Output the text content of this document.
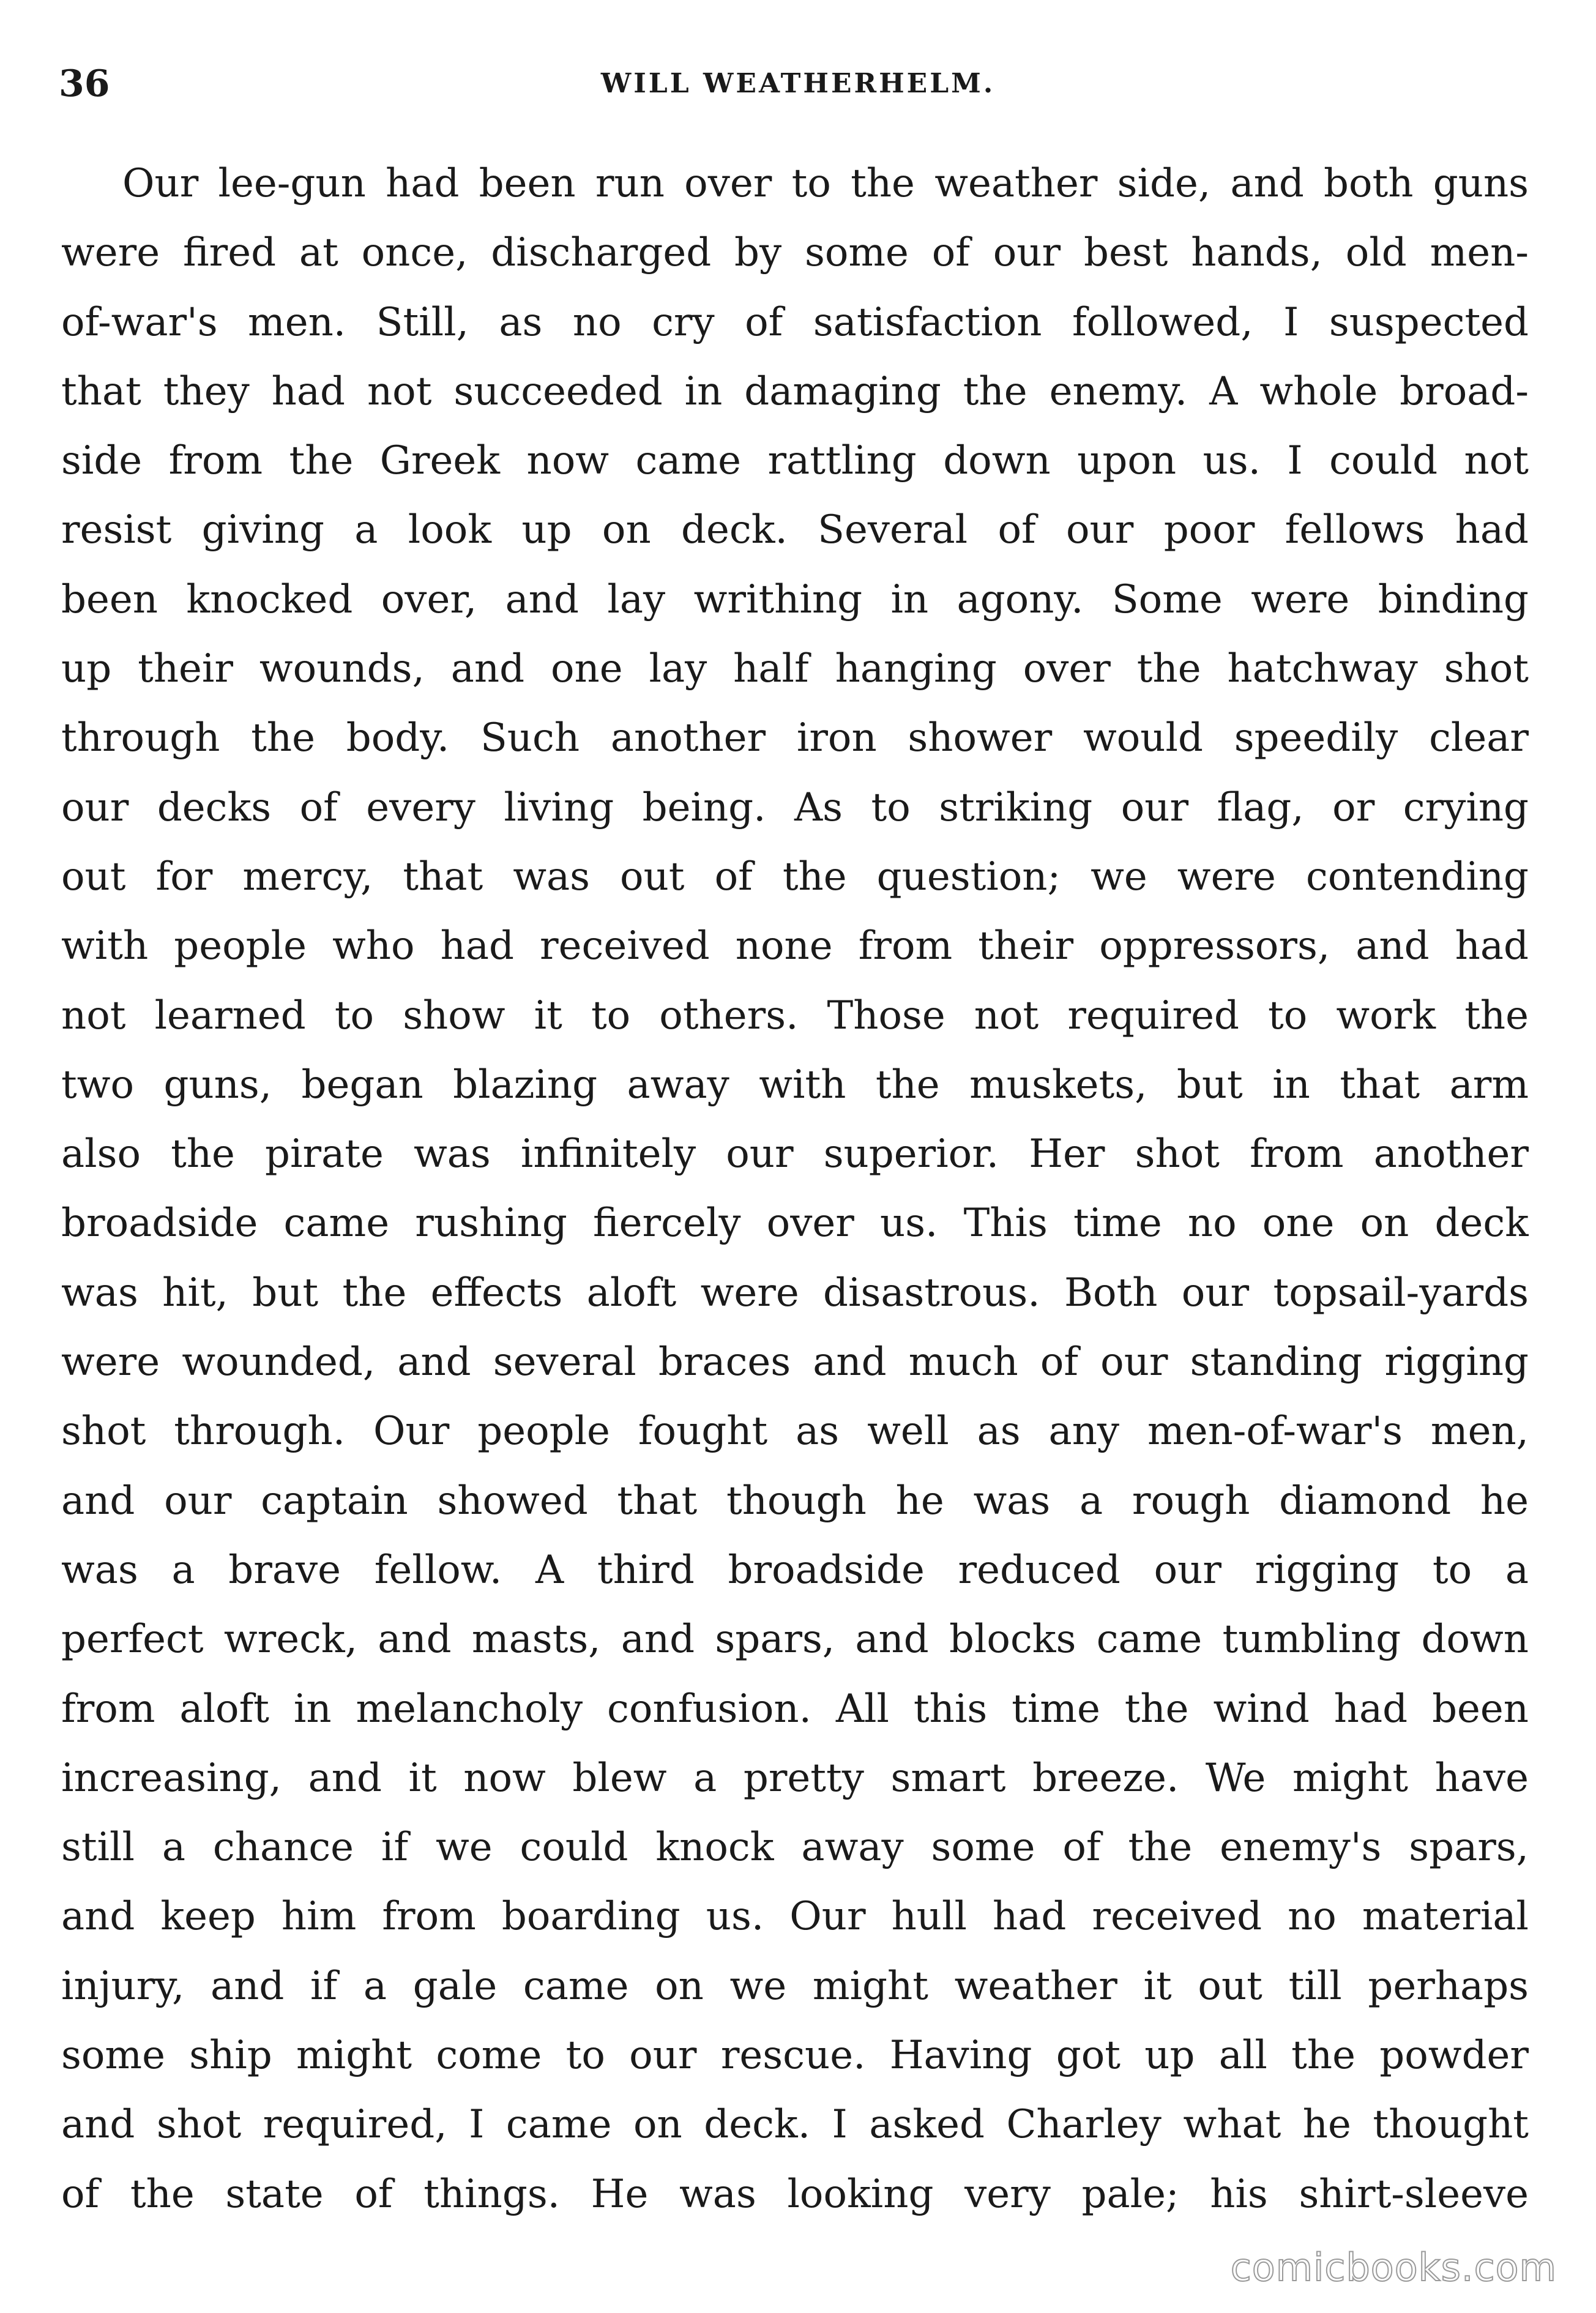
36	WILL WEATHERHELM.

Our lee-gun had been run over to the weather side, and both guns
were fired at once, discharged by some of our best hands, old men-
of-war's men. Still, as no cry of satisfaction followed, I suspected
that they had not succeeded in damaging the enemy. A whole broad-
side from the Greek now came rattling down upon us. I could not
resist giving a look up on deck. Several of our poor fellows had
been knocked over, and lay writhing in agony. Some were binding
up their wounds, and one lay half hanging over the hatchway shot
through the body. Such another iron shower would speedily clear
our decks of every living being. As to striking our flag, or crying
out for mercy, that was out of the question; we were contending
with people who had received none from their oppressors, and had
not learned to show it to others. Those not required to work the
two guns, began blazing away with the muskets, but in that arm
also the pirate was infinitely our superior. Her shot from another
broadside came rushing fiercely over us. This time no one on deck
was hit, but the effects aloft were disastrous. Both our topsail-yards
were wounded, and several braces and much of our standing rigging
shot through. Our people fought as well as any men-of-war's men,
and our captain showed that though he was a rough diamond he
was a brave fellow. A third broadside reduced our rigging to a
perfect wreck, and masts, and spars, and blocks came tumbling down
from aloft in melancholy confusion. All this time the wind had been
increasing, and it now blew a pretty smart breeze. We might have
still a chance if we could knock away some of the enemy's spars,
and keep him from boarding us. Our hull had received no material
injury, and if a gale came on we might weather it out till perhaps
some ship might come to our rescue. Having got up all the powder
and shot required, I came on deck. I asked Charley what he thought
of the state of things. He was looking very pale; his shirt-sleeve

comicbooks.com
